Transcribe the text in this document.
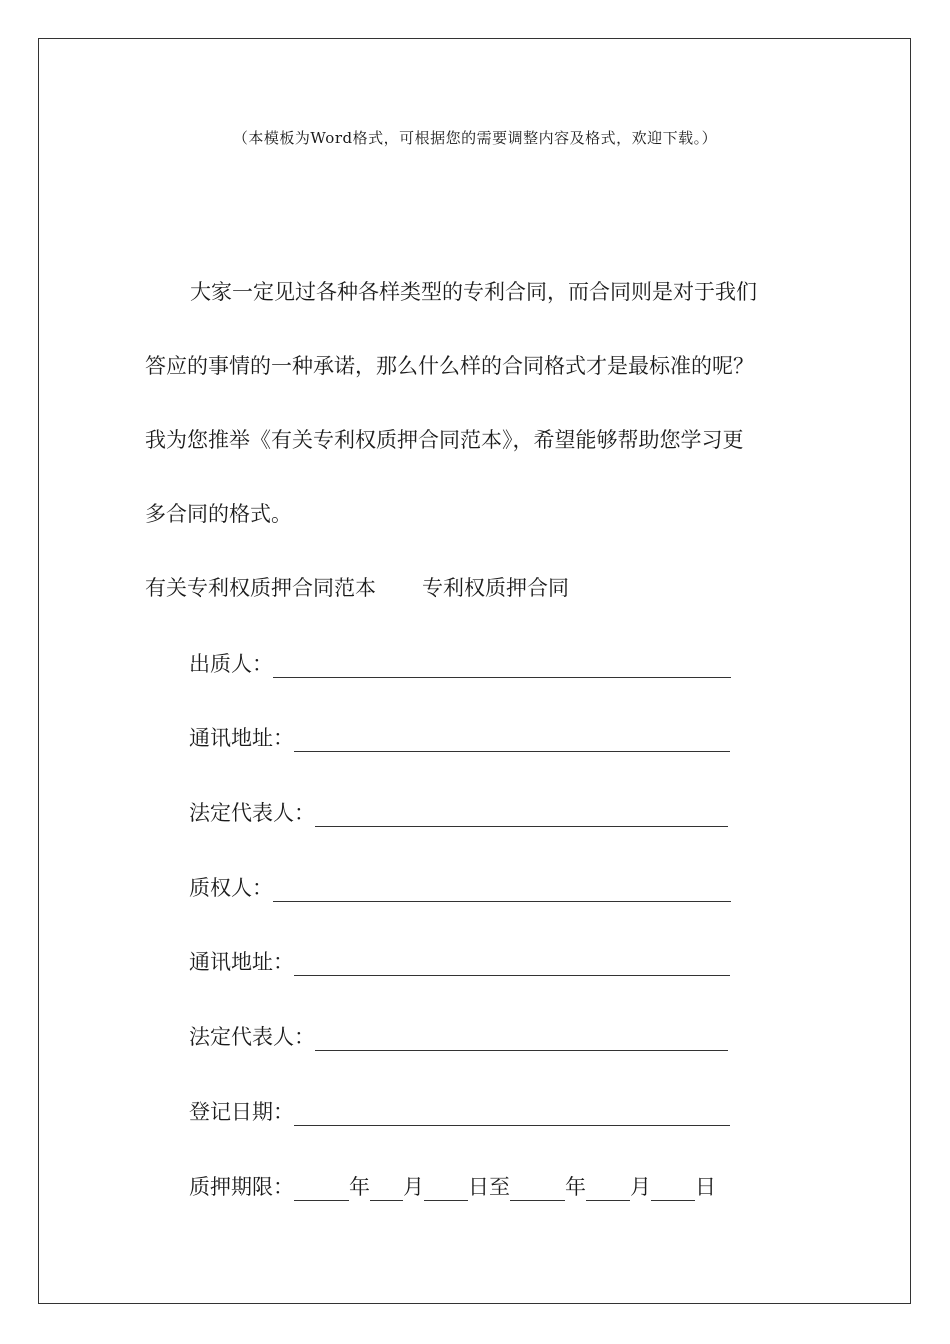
（本模板为Word格式，可根据您的需要调整内容及格式，欢迎下载。）
大家一定见过各种各样类型的专利合同，而合同则是对于我们
答应的事情的一种承诺，那么什么样的合同格式才是最标准的呢？
我为您推举《有关专利权质押合同范本》，希望能够帮助您学习更
多合同的格式。
有关专利权质押合同范本 专利权质押合同
出质人：
通讯地址：
法定代表人：
质权人：
通讯地址：
法定代表人：
登记日期：
质押期限：	年 月 日至	年 月 日
